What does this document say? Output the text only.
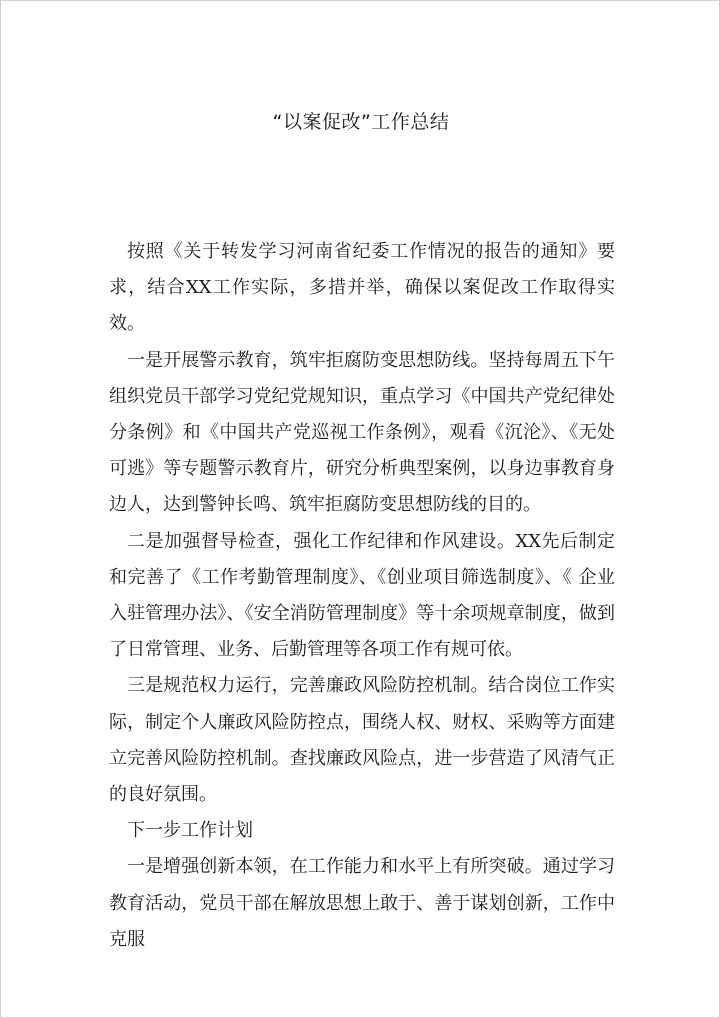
“以案促改”工作总结

按照《关于转发学习河南省纪委工作情况的报告的通知》要求，结合XX工作实际，多措并举，确保以案促改工作取得实效。

一是开展警示教育，筑牢拒腐防变思想防线。坚持每周五下午组织党员干部学习党纪党规知识，重点学习《中国共产党纪律处分条例》和《中国共产党巡视工作条例》，观看《沉沦》、《无处可逃》等专题警示教育片，研究分析典型案例，以身边事教育身边人，达到警钟长鸣、筑牢拒腐防变思想防线的目的。

二是加强督导检查，强化工作纪律和作风建设。XX先后制定和完善了《工作考勤管理制度》、《创业项目筛选制度》、《 企业入驻管理办法》、《安全消防管理制度》等十余项规章制度，做到了日常管理、业务、后勤管理等各项工作有规可依。

三是规范权力运行，完善廉政风险防控机制。结合岗位工作实际，制定个人廉政风险防控点，围绕人权、财权、采购等方面建立完善风险防控机制。查找廉政风险点，进一步营造了风清气正的良好氛围。

下一步工作计划

一是增强创新本领，在工作能力和水平上有所突破。通过学习教育活动，党员干部在解放思想上敢于、善于谋划创新，工作中克服
